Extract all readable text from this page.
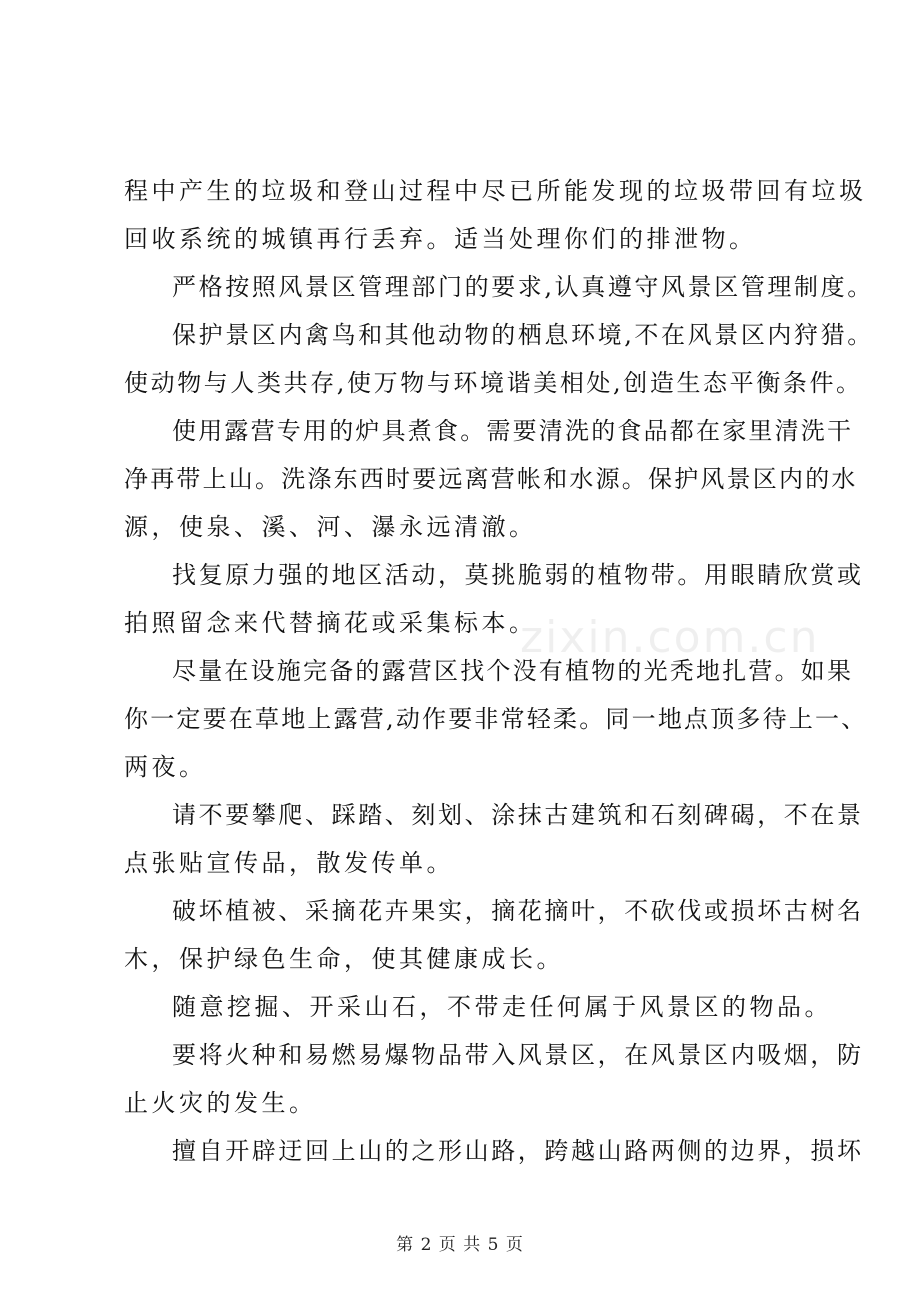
zixin.com.cn
程中产生的垃圾和登山过程中尽已所能发现的垃圾带回有垃圾
回收系统的城镇再行丢弃。适当处理你们的排泄物。
严格按照风景区管理部门的要求,认真遵守风景区管理制度。
保护景区内禽鸟和其他动物的栖息环境,不在风景区内狩猎。
使动物与人类共存,使万物与环境谐美相处,创造生态平衡条件。
使用露营专用的炉具煮食。需要清洗的食品都在家里清洗干
净再带上山。洗涤东西时要远离营帐和水源。保护风景区内的水
源，使泉、溪、河、瀑永远清澈。
找复原力强的地区活动，莫挑脆弱的植物带。用眼睛欣赏或
拍照留念来代替摘花或采集标本。
尽量在设施完备的露营区找个没有植物的光秃地扎营。如果
你一定要在草地上露营,动作要非常轻柔。同一地点顶多待上一、
两夜。
请不要攀爬、踩踏、刻划、涂抹古建筑和石刻碑碣，不在景
点张贴宣传品，散发传单。
破坏植被、采摘花卉果实，摘花摘叶，不砍伐或损坏古树名
木，保护绿色生命，使其健康成长。
随意挖掘、开采山石，不带走任何属于风景区的物品。
要将火种和易燃易爆物品带入风景区，在风景区内吸烟，防
止火灾的发生。
擅自开辟迂回上山的之形山路，跨越山路两侧的边界，损坏
第 2 页 共 5 页
